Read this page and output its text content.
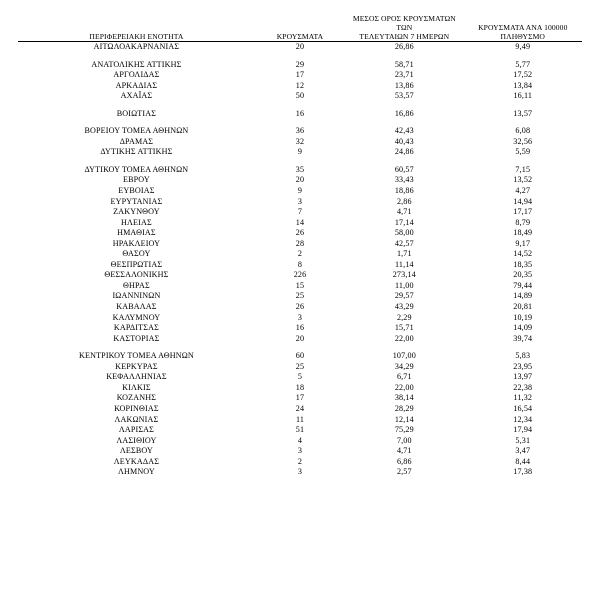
ΠΕΡΙΦΕΡΕΙΑΚΗ ΕΝΟΤΗΤΑ	ΚΡΟΥΣΜΑΤΑ	ΜΕΣΟΣ ΟΡΟΣ ΚΡΟΥΣΜΑΤΩΝ ΤΩΝ
ΤΕΛΕΥΤΑΙΩΝ 7 ΗΜΕΡΩΝ	ΚΡΟΥΣΜΑΤΑ ΑΝΑ 100000
ΠΛΗΘΥΣΜΟ

ΑΙΤΩΛΟΑΚΑΡΝΑΝΙΑΣ	20	26,86	9,49

ΑΝΑΤΟΛΙΚΗΣ ΑΤΤΙΚΗΣ	29	58,71	5,77
ΑΡΓΟΛΙΔΑΣ	17	23,71	17,52
ΑΡΚΑΔΙΑΣ	12	13,86	13,84
ΑΧΑΪΑΣ	50	53,57	16,11

ΒΟΙΩΤΙΑΣ	16	16,86	13,57

ΒΟΡΕΙΟΥ ΤΟΜΕΑ ΑΘΗΝΩΝ	36	42,43	6,08
ΔΡΑΜΑΣ	32	40,43	32,56
ΔΥΤΙΚΗΣ ΑΤΤΙΚΗΣ	9	24,86	5,59

ΔΥΤΙΚΟΥ ΤΟΜΕΑ ΑΘΗΝΩΝ	35	60,57	7,15
ΕΒΡΟΥ	20	33,43	13,52
ΕΥΒΟΙΑΣ	9	18,86	4,27
ΕΥΡΥΤΑΝΙΑΣ	3	2,86	14,94
ΖΑΚΥΝΘΟΥ	7	4,71	17,17
ΗΛΕΙΑΣ	14	17,14	8,79
ΗΜΑΘΙΑΣ	26	58,00	18,49
ΗΡΑΚΛΕΙΟΥ	28	42,57	9,17
ΘΑΣΟΥ	2	1,71	14,52
ΘΕΣΠΡΩΤΙΑΣ	8	11,14	18,35
ΘΕΣΣΑΛΟΝΙΚΗΣ	226	273,14	20,35
ΘΗΡΑΣ	15	11,00	79,44
ΙΩΑΝΝΙΝΩΝ	25	29,57	14,89
ΚΑΒΑΛΑΣ	26	43,29	20,81
ΚΑΛΥΜΝΟΥ	3	2,29	10,19
ΚΑΡΔΙΤΣΑΣ	16	15,71	14,09
ΚΑΣΤΟΡΙΑΣ	20	22,00	39,74

ΚΕΝΤΡΙΚΟΥ ΤΟΜΕΑ ΑΘΗΝΩΝ	60	107,00	5,83
ΚΕΡΚΥΡΑΣ	25	34,29	23,95
ΚΕΦΑΛΛΗΝΙΑΣ	5	6,71	13,97
ΚΙΛΚΙΣ	18	22,00	22,38
ΚΟΖΑΝΗΣ	17	38,14	11,32
ΚΟΡΙΝΘΙΑΣ	24	28,29	16,54
ΛΑΚΩΝΙΑΣ	11	12,14	12,34
ΛΑΡΙΣΑΣ	51	75,29	17,94
ΛΑΣΙΘΙΟΥ	4	7,00	5,31
ΛΕΣΒΟΥ	3	4,71	3,47
ΛΕΥΚΑΔΑΣ	2	6,86	8,44
ΛΗΜΝΟΥ	3	2,57	17,38
